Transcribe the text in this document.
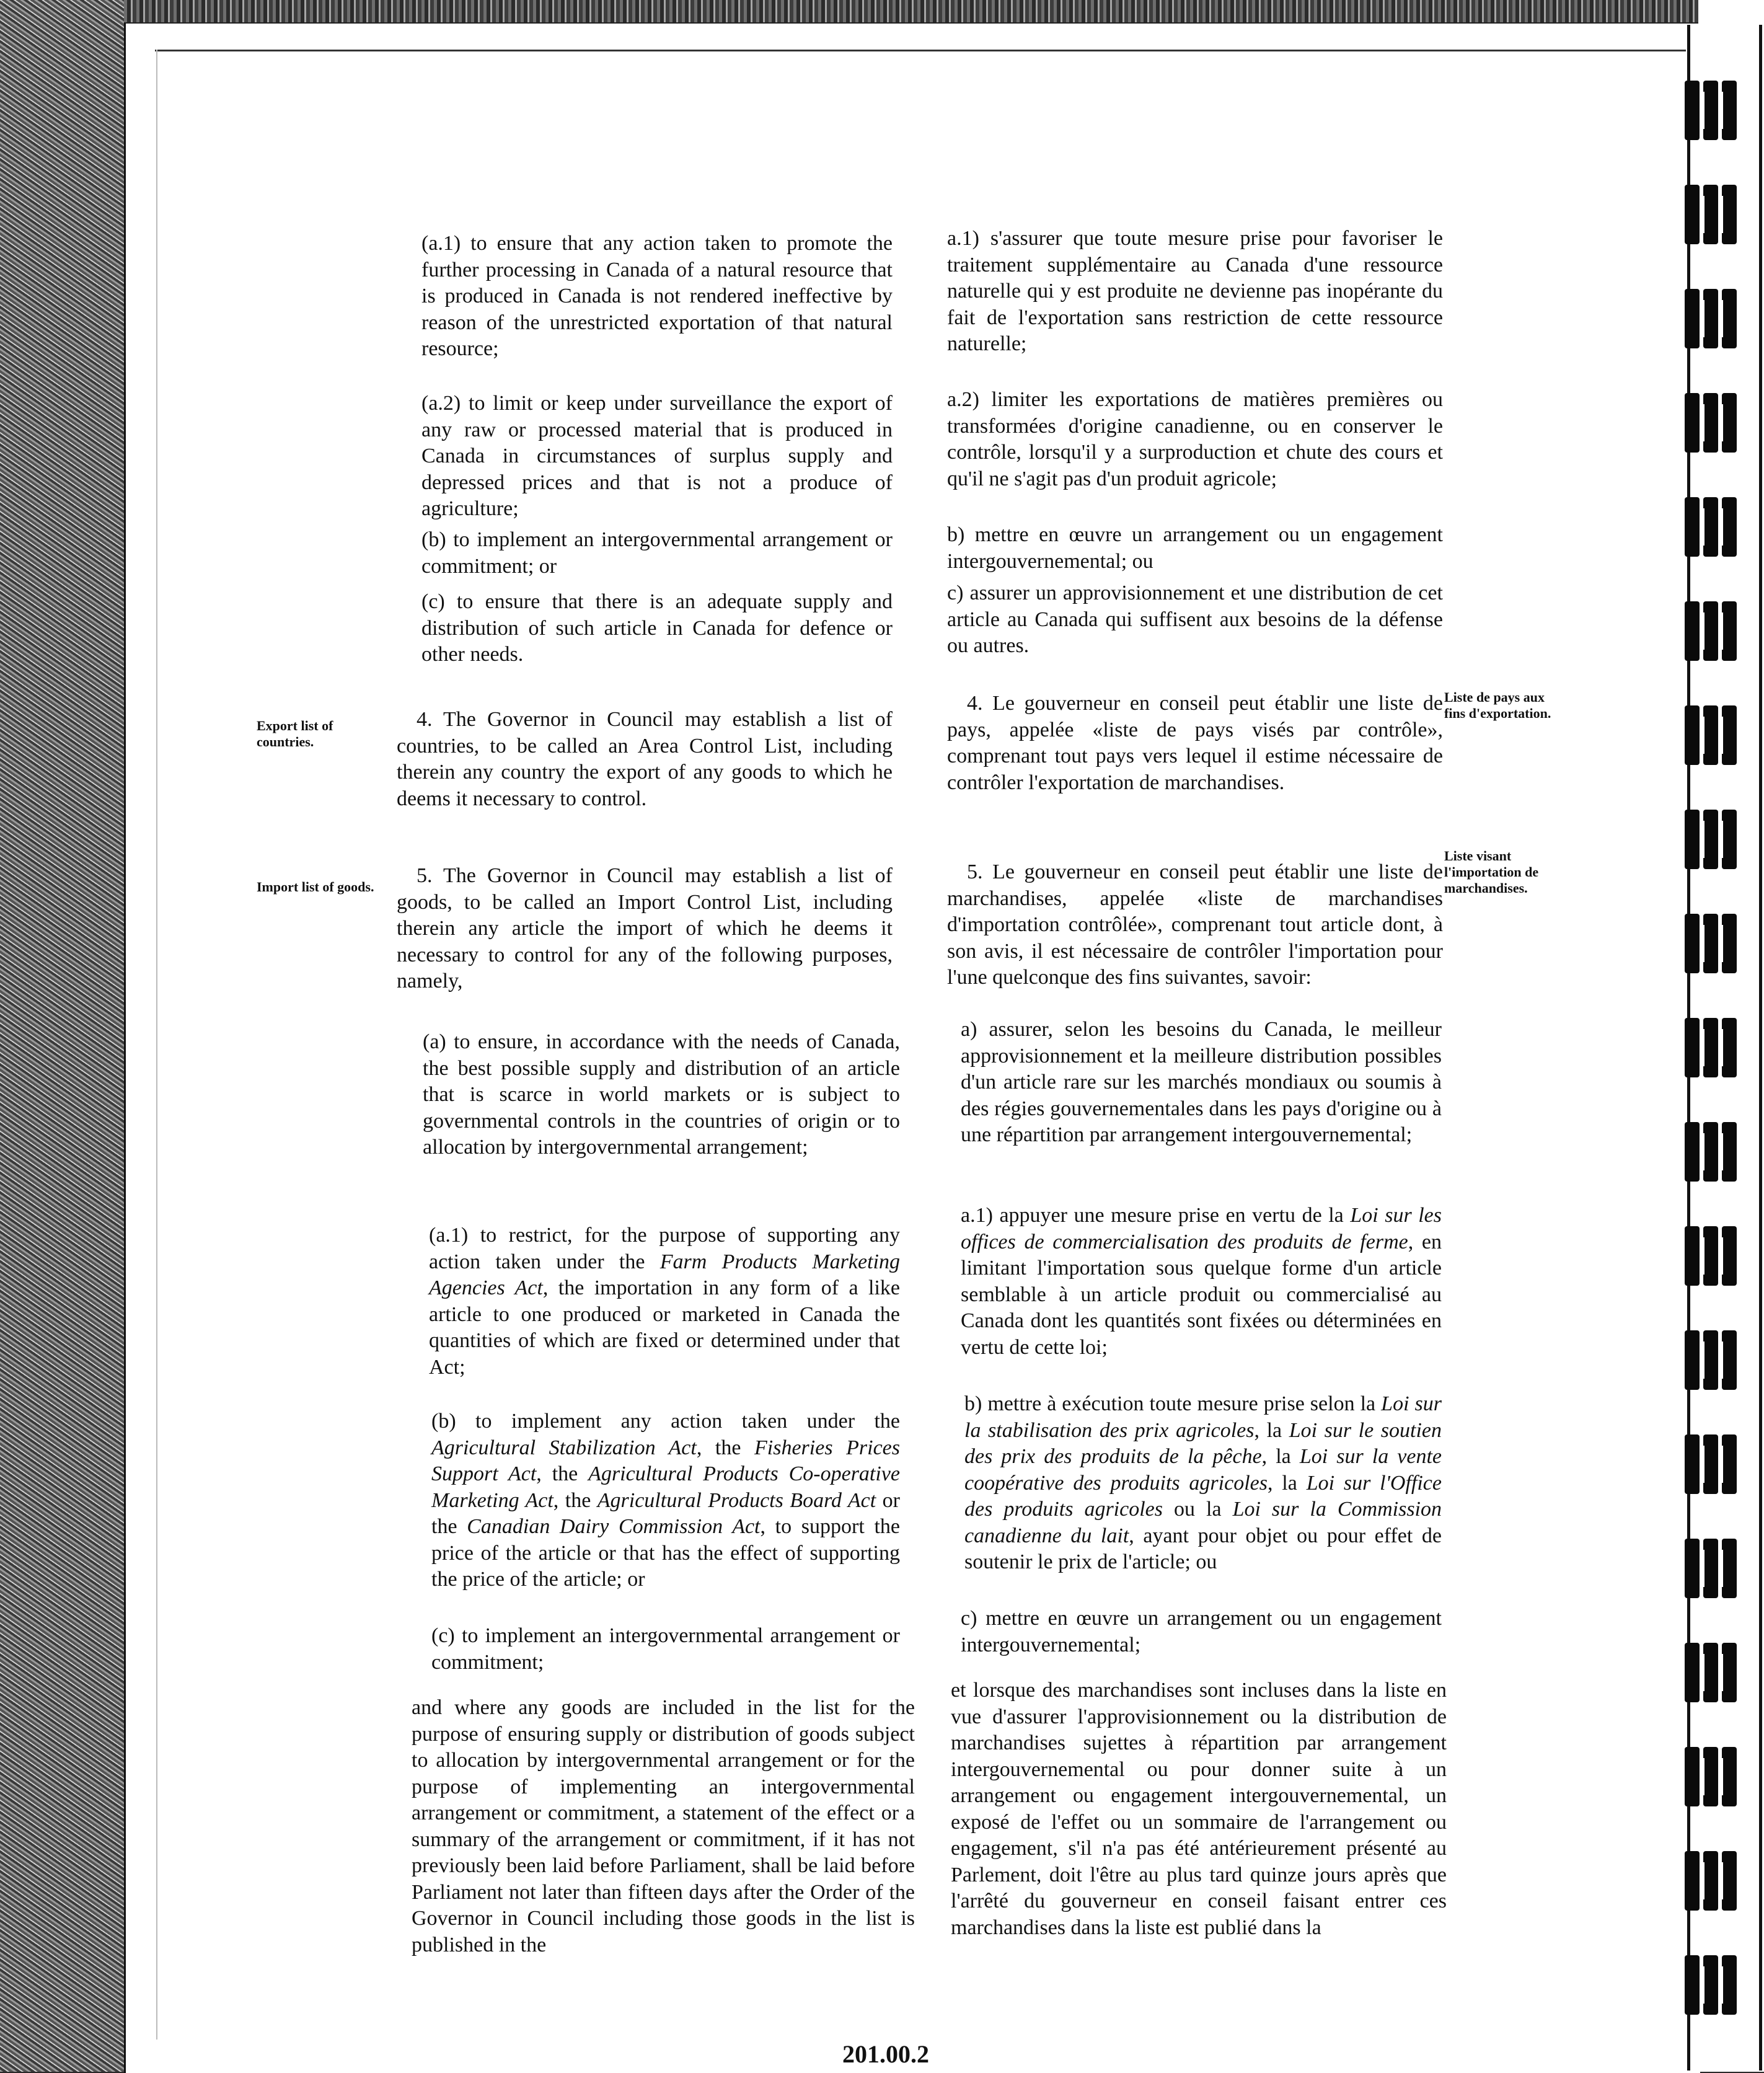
(a.1) to ensure that any action taken to promote the further processing in Canada of a natural resource that is produced in Canada is not rendered ineffective by reason of the unrestricted exportation of that natural resource;

(a.2) to limit or keep under surveillance the export of any raw or processed material that is produced in Canada in circumstances of surplus supply and depressed prices and that is not a produce of agriculture;

(b) to implement an intergovernmental arrangement or commitment; or

(c) to ensure that there is an adequate supply and distribution of such article in Canada for defence or other needs.

Export list of countries.

4. The Governor in Council may establish a list of countries, to be called an Area Control List, including therein any country the export of any goods to which he deems it necessary to control.

Import list of goods.	5. The Governor in Council may establish a list of goods, to be called an Import Control List, including therein any article the import of which he deems it necessary to control for any of the following purposes, namely,

(a) to ensure, in accordance with the needs of Canada, the best possible supply and distribution of an article that is scarce in world markets or is subject to governmental controls in the countries of origin or to allocation by intergovernmental arrangement;

(a.1) to restrict, for the purpose of supporting any action taken under the Farm Products Marketing Agencies Act, the importation in any form of a like article to one produced or marketed in Canada the quantities of which are fixed or determined under that Act;

(b) to implement any action taken under the Agricultural Stabilization Act, the Fisheries Prices Support Act, the Agricultural Products Co-operative Marketing Act, the Agricultural Products Board Act or the Canadian Dairy Commission Act, to support the price of the article or that has the effect of supporting the price of the article; or

(c) to implement an intergovernmental arrangement or commitment;

and where any goods are included in the list for the purpose of ensuring supply or distribution of goods subject to allocation by intergovernmental arrangement or for the purpose of implementing an intergovernmental arrangement or commitment, a statement of the effect or a summary of the arrangement or commitment, if it has not previously been laid before Parliament, shall be laid before Parliament not later than fifteen days after the Order of the Governor in Council including those goods in the list is published in the

a.1) s'assurer que toute mesure prise pour favoriser le traitement supplémentaire au Canada d'une ressource naturelle qui y est produite ne devienne pas inopérante du fait de l'exportation sans restriction de cette ressource naturelle;

a.2) limiter les exportations de matières premières ou transformées d'origine canadienne, ou en conserver le contrôle, lorsqu'il y a surproduction et chute des cours et qu'il ne s'agit pas d'un produit agricole;

b) mettre en œuvre un arrangement ou un engagement intergouvernemental; ou

c) assurer un approvisionnement et une distribution de cet article au Canada qui suffisent aux besoins de la défense ou autres.

Liste de pays aux fins d'exportation.

4. Le gouverneur en conseil peut établir une liste de pays, appelée «liste de pays visés par contrôle», comprenant tout pays vers lequel il estime nécessaire de contrôler l'exportation de marchandises.

Liste visant l'importation de marchandises.

5. Le gouverneur en conseil peut établir une liste de marchandises, appelée «liste de marchandises d'importation contrôlée», comprenant tout article dont, à son avis, il est nécessaire de contrôler l'importation pour l'une quelconque des fins suivantes, savoir:

a) assurer, selon les besoins du Canada, le meilleur approvisionnement et la meilleure distribution possibles d'un article rare sur les marchés mondiaux ou soumis à des régies gouvernementales dans les pays d'origine ou à une répartition par arrangement intergouvernemental;

a.1) appuyer une mesure prise en vertu de la Loi sur les offices de commercialisation des produits de ferme, en limitant l'importation sous quelque forme d'un article semblable à un article produit ou commercialisé au Canada dont les quantités sont fixées ou déterminées en vertu de cette loi;

b) mettre à exécution toute mesure prise selon la Loi sur la stabilisation des prix agricoles, la Loi sur le soutien des prix des produits de la pêche, la Loi sur la vente coopérative des produits agricoles, la Loi sur l'Office des produits agricoles ou la Loi sur la Commission canadienne du lait, ayant pour objet ou pour effet de soutenir le prix de l'article; ou

c) mettre en œuvre un arrangement ou un engagement intergouvernemental;

et lorsque des marchandises sont incluses dans la liste en vue d'assurer l'approvisionnement ou la distribution de marchandises sujettes à répartition par arrangement intergouvernemental ou pour donner suite à un arrangement ou engagement intergouvernemental, un exposé de l'effet ou un sommaire de l'arrangement ou engagement, s'il n'a pas été antérieurement présenté au Parlement, doit l'être au plus tard quinze jours après que l'arrêté du gouverneur en conseil faisant entrer ces marchandises dans la liste est publié dans la

201.00.2
